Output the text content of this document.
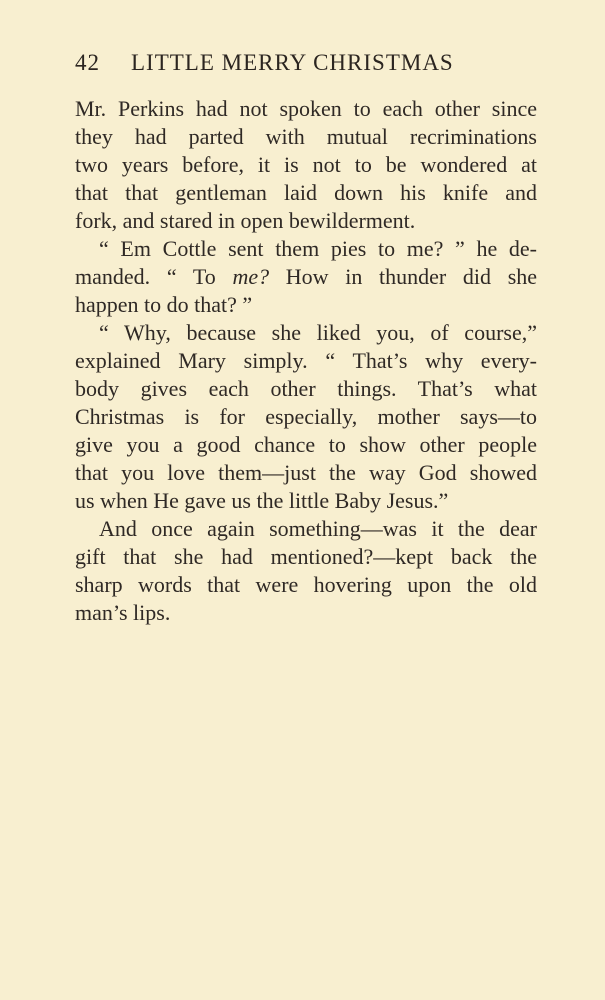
42 LITTLE MERRY CHRISTMAS
Mr. Perkins had not spoken to each other since
they had parted with mutual recriminations
two years before, it is not to be wondered at
that that gentleman laid down his knife and
fork, and stared in open bewilderment.
“ Em Cottle sent them pies to me? ” he de-
manded. “ To me? How in thunder did she
happen to do that? ”
“ Why, because she liked you, of course,”
explained Mary simply. “ That’s why every-
body gives each other things. That’s what
Christmas is for especially, mother says—to
give you a good chance to show other people
that you love them—just the way God showed
us when He gave us the little Baby Jesus.”
And once again something—was it the dear
gift that she had mentioned?—kept back the
sharp words that were hovering upon the old
man’s lips.
